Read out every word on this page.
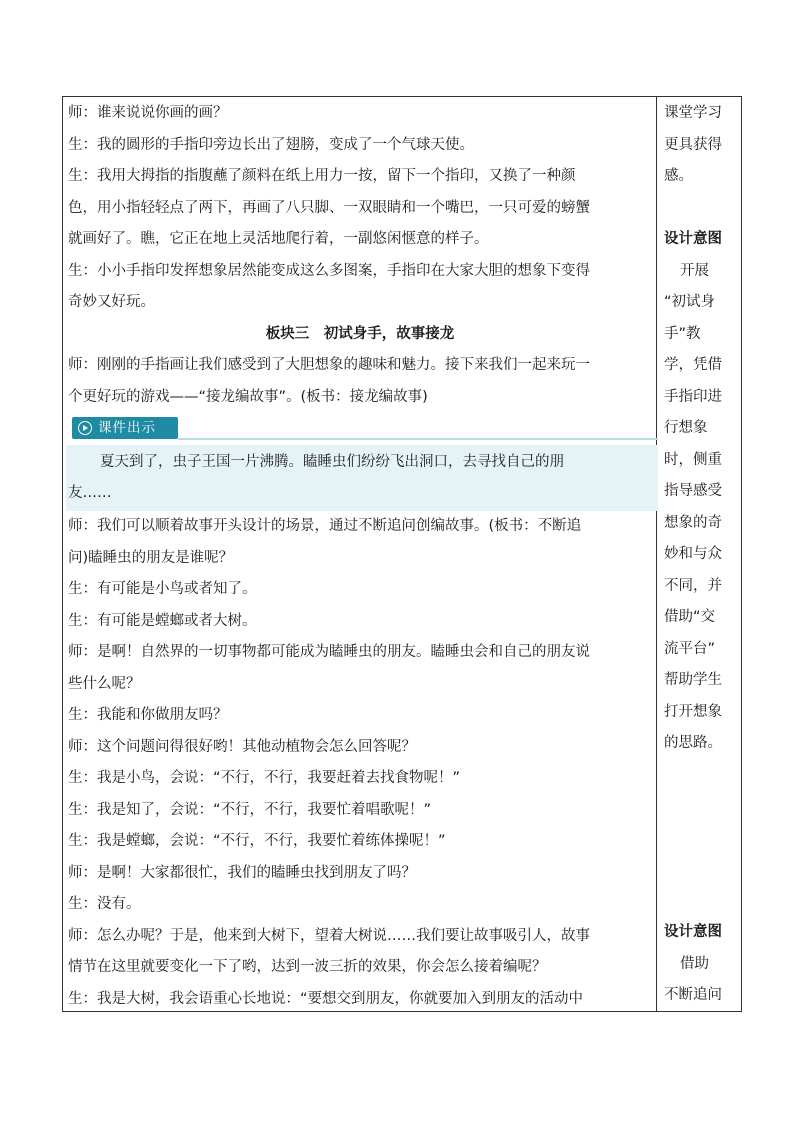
师：谁来说说你画的画？
生：我的圆形的手指印旁边长出了翅膀，变成了一个气球天使。
生：我用大拇指的指腹蘸了颜料在纸上用力一按，留下一个指印，又换了一种颜
色，用小指轻轻点了两下，再画了八只脚、一双眼睛和一个嘴巴，一只可爱的螃蟹
就画好了。瞧，它正在地上灵活地爬行着，一副悠闲惬意的样子。
生：小小手指印发挥想象居然能变成这么多图案，手指印在大家大胆的想象下变得
奇妙又好玩。
板块三　初试身手，故事接龙
师：刚刚的手指画让我们感受到了大胆想象的趣味和魅力。接下来我们一起来玩一
个更好玩的游戏——“接龙编故事”。(板书：接龙编故事)
课件出示
夏天到了，虫子王国一片沸腾。瞌睡虫们纷纷飞出洞口，去寻找自己的朋
友……
师：我们可以顺着故事开头设计的场景，通过不断追问创编故事。(板书：不断追
问)瞌睡虫的朋友是谁呢？
生：有可能是小鸟或者知了。
生：有可能是螳螂或者大树。
师：是啊！自然界的一切事物都可能成为瞌睡虫的朋友。瞌睡虫会和自己的朋友说
些什么呢？
生：我能和你做朋友吗？
师：这个问题问得很好哟！其他动植物会怎么回答呢？
生：我是小鸟，会说：“不行，不行，我要赶着去找食物呢！”
生：我是知了，会说：“不行，不行，我要忙着唱歌呢！”
生：我是螳螂，会说：“不行，不行，我要忙着练体操呢！”
师：是啊！大家都很忙，我们的瞌睡虫找到朋友了吗？
生：没有。
师：怎么办呢？于是，他来到大树下，望着大树说……我们要让故事吸引人，故事
情节在这里就要变化一下了哟，达到一波三折的效果，你会怎么接着编呢？
生：我是大树，我会语重心长地说：“要想交到朋友，你就要加入到朋友的活动中
课堂学习
更具获得
感。
设计意图
开展
“初试身
手”教
学，凭借
手指印进
行想象
时，侧重
指导感受
想象的奇
妙和与众
不同，并
借助“交
流平台”
帮助学生
打开想象
的思路。
设计意图
借助
不断追问
